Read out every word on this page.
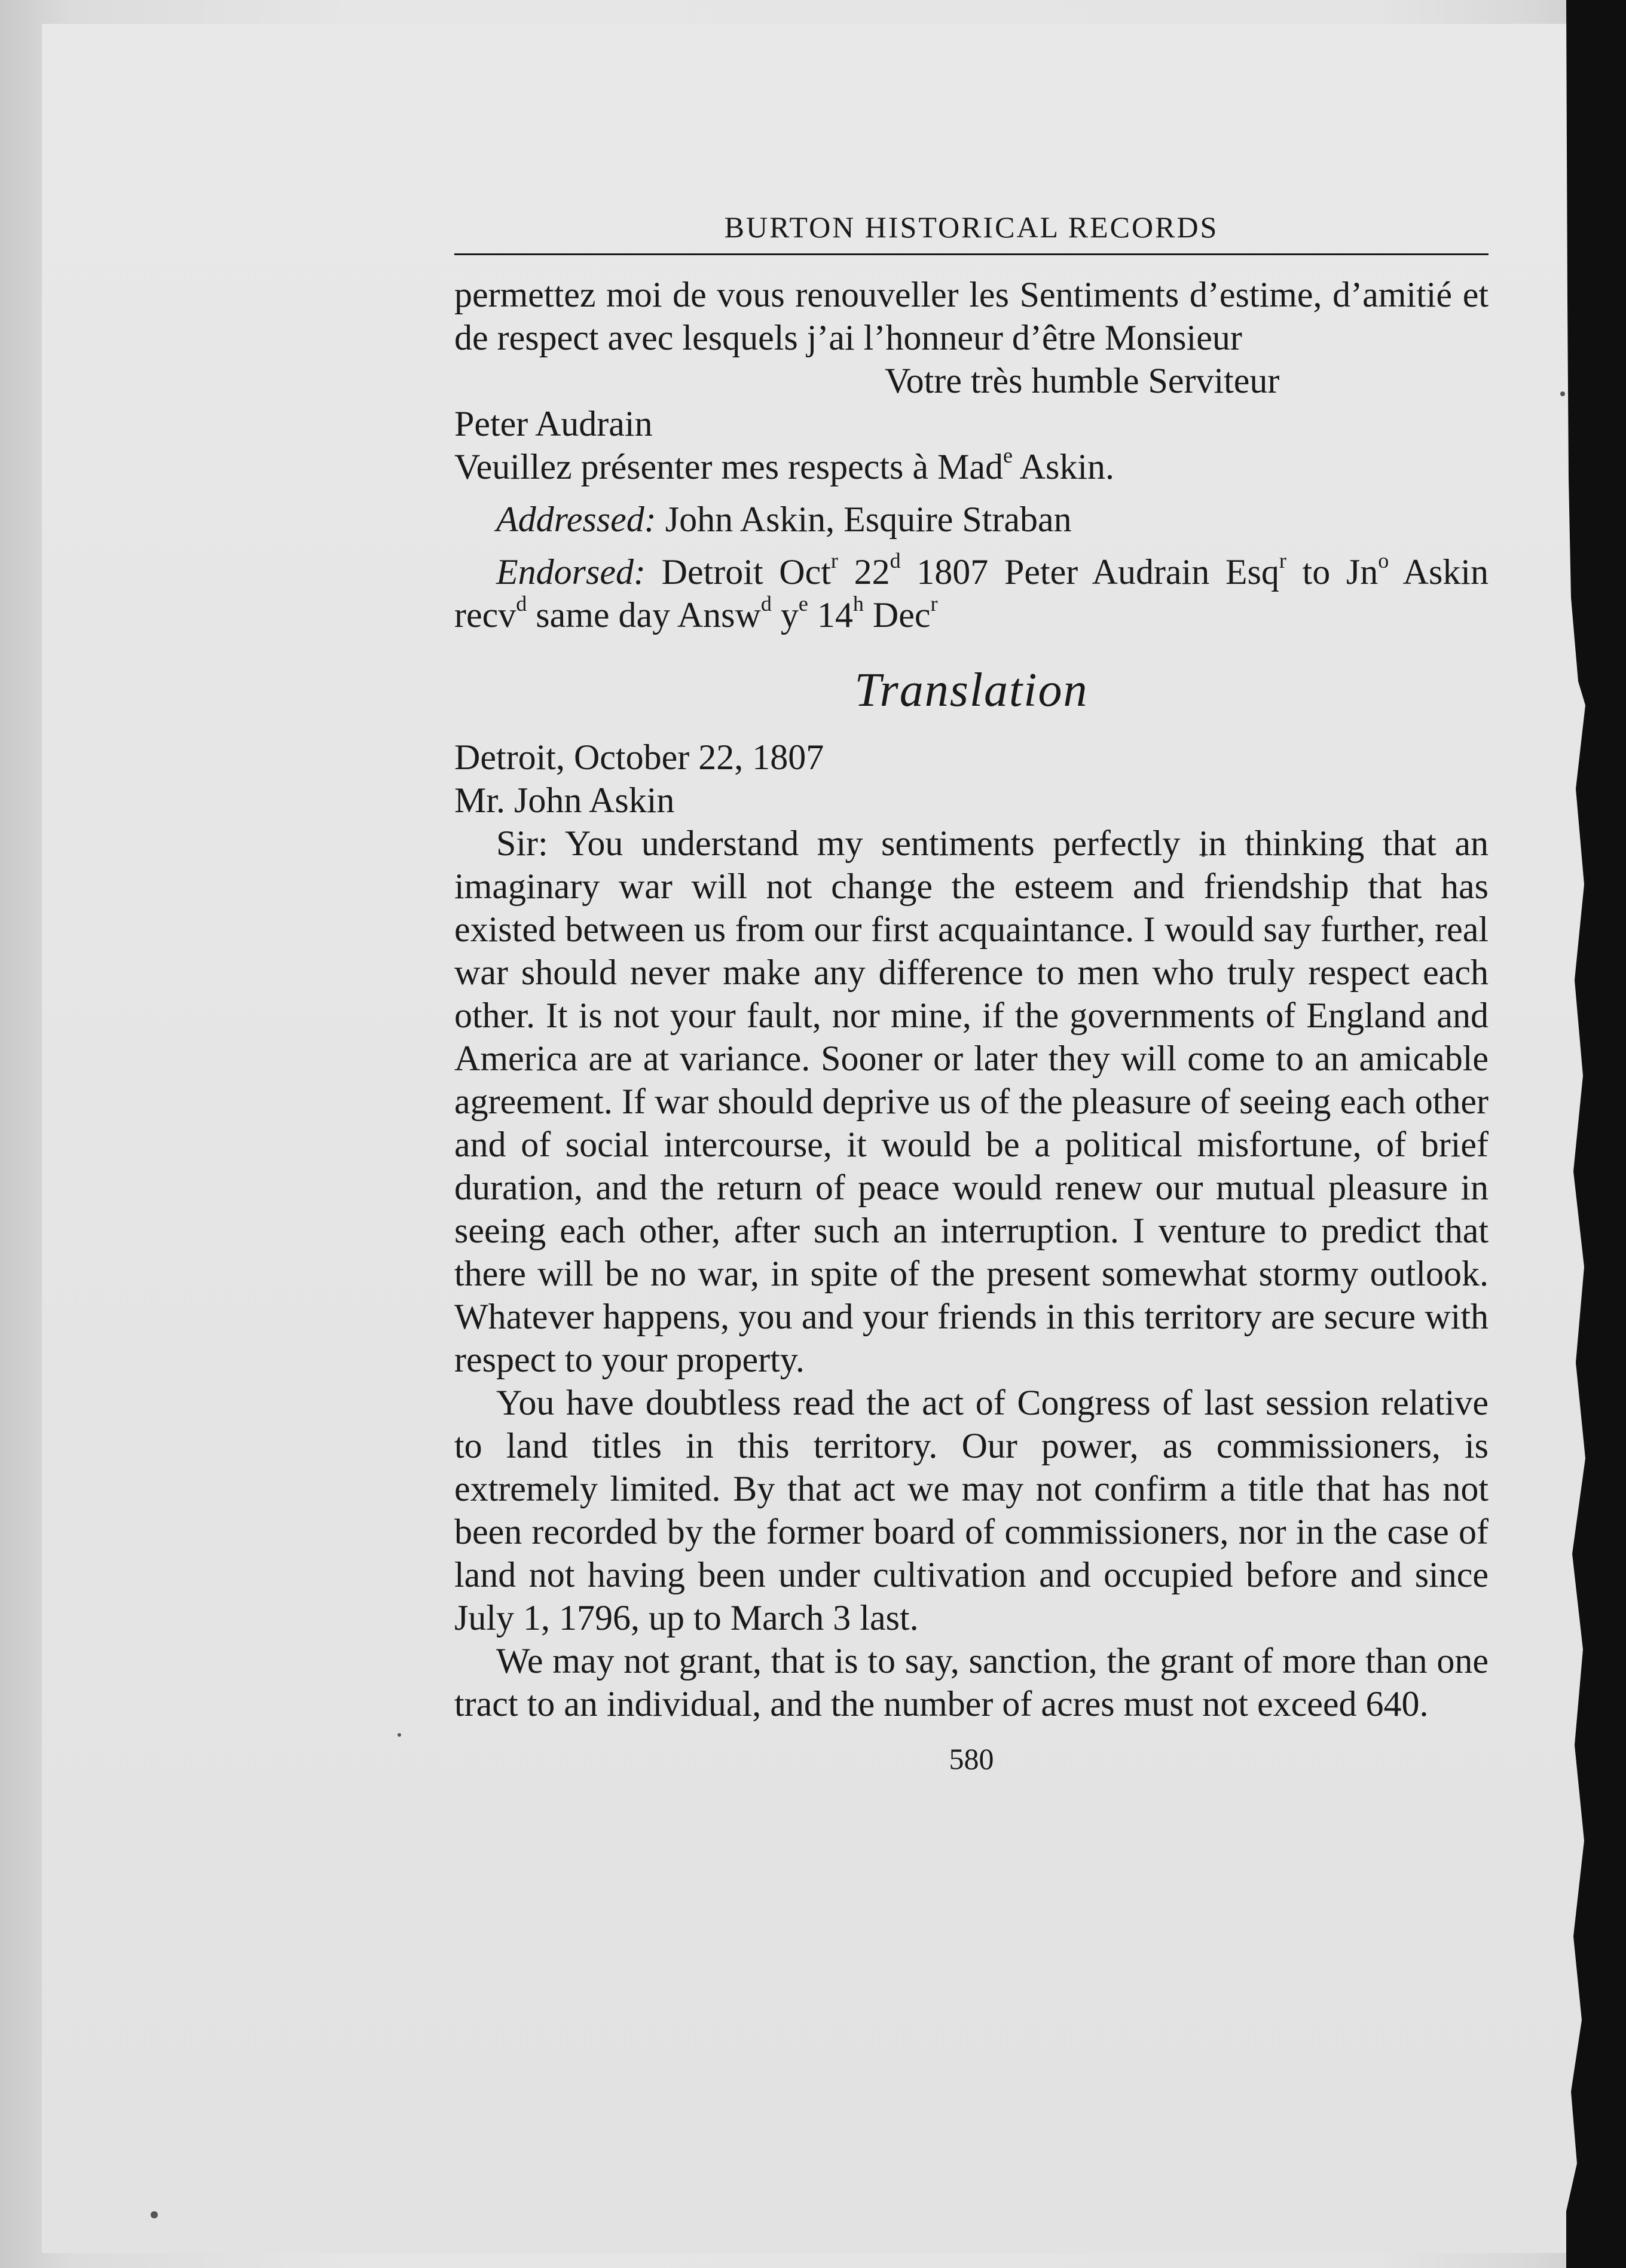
BURTON HISTORICAL RECORDS

permettez moi de vous renouveller les Sentiments d’estime, d’amitié et de respect avec lesquels j’ai l’honneur d’être Monsieur

Votre très humble Serviteur

Peter Audrain

Veuillez présenter mes respects à Mad$^e$ Askin.

Addressed: John Askin, Esquire Straban

Endorsed: Detroit Oct$^r$ 22$^d$ 1807 Peter Audrain Esq$^r$ to Jn$^o$ Askin recv$^d$ same day Answ$^d$ $y^e$ 14$^h$ Dec$^r$

Translation

Detroit, October 22, 1807

Mr. John Askin

Sir: You understand my sentiments perfectly in thinking that an imaginary war will not change the esteem and friendship that has existed between us from our first acquaintance. I would say further, real war should never make any difference to men who truly respect each other. It is not your fault, nor mine, if the governments of England and America are at variance. Sooner or later they will come to an amicable agreement. If war should deprive us of the pleasure of seeing each other and of social intercourse, it would be a political misfortune, of brief duration, and the return of peace would renew our mutual pleasure in seeing each other, after such an interruption. I venture to predict that there will be no war, in spite of the present somewhat stormy outlook. Whatever happens, you and your friends in this territory are secure with respect to your property.

You have doubtless read the act of Congress of last session relative to land titles in this territory. Our power, as commissioners, is extremely limited. By that act we may not confirm a title that has not been recorded by the former board of commissioners, nor in the case of land not having been under cultivation and occupied before and since July 1, 1796, up to March 3 last.

We may not grant, that is to say, sanction, the grant of more than one tract to an individual, and the number of acres must not exceed 640.

580
